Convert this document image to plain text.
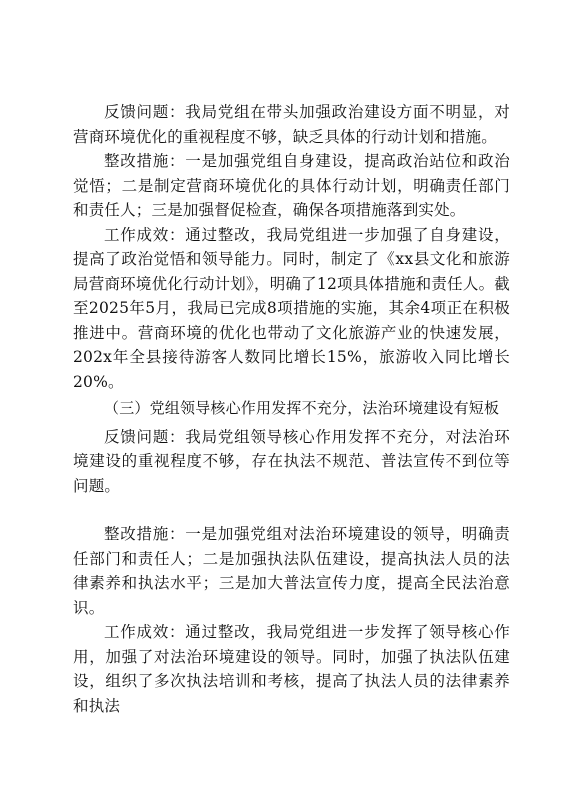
反馈问题：我局党组在带头加强政治建设方面不明显，对营商环境优化的重视程度不够，缺乏具体的行动计划和措施。

整改措施：一是加强党组自身建设，提高政治站位和政治觉悟；二是制定营商环境优化的具体行动计划，明确责任部门和责任人；三是加强督促检查，确保各项措施落到实处。

工作成效：通过整改，我局党组进一步加强了自身建设，提高了政治觉悟和领导能力。同时，制定了《xx县文化和旅游局营商环境优化行动计划》，明确了12项具体措施和责任人。截至2025年5月，我局已完成8项措施的实施，其余4项正在积极推进中。营商环境的优化也带动了文化旅游产业的快速发展，202x年全县接待游客人数同比增长15%，旅游收入同比增长20%。

（三）党组领导核心作用发挥不充分，法治环境建设有短板

反馈问题：我局党组领导核心作用发挥不充分，对法治环境建设的重视程度不够，存在执法不规范、普法宣传不到位等问题。

整改措施：一是加强党组对法治环境建设的领导，明确责任部门和责任人；二是加强执法队伍建设，提高执法人员的法律素养和执法水平；三是加大普法宣传力度，提高全民法治意识。

工作成效：通过整改，我局党组进一步发挥了领导核心作用，加强了对法治环境建设的领导。同时，加强了执法队伍建设，组织了多次执法培训和考核，提高了执法人员的法律素养和执法
